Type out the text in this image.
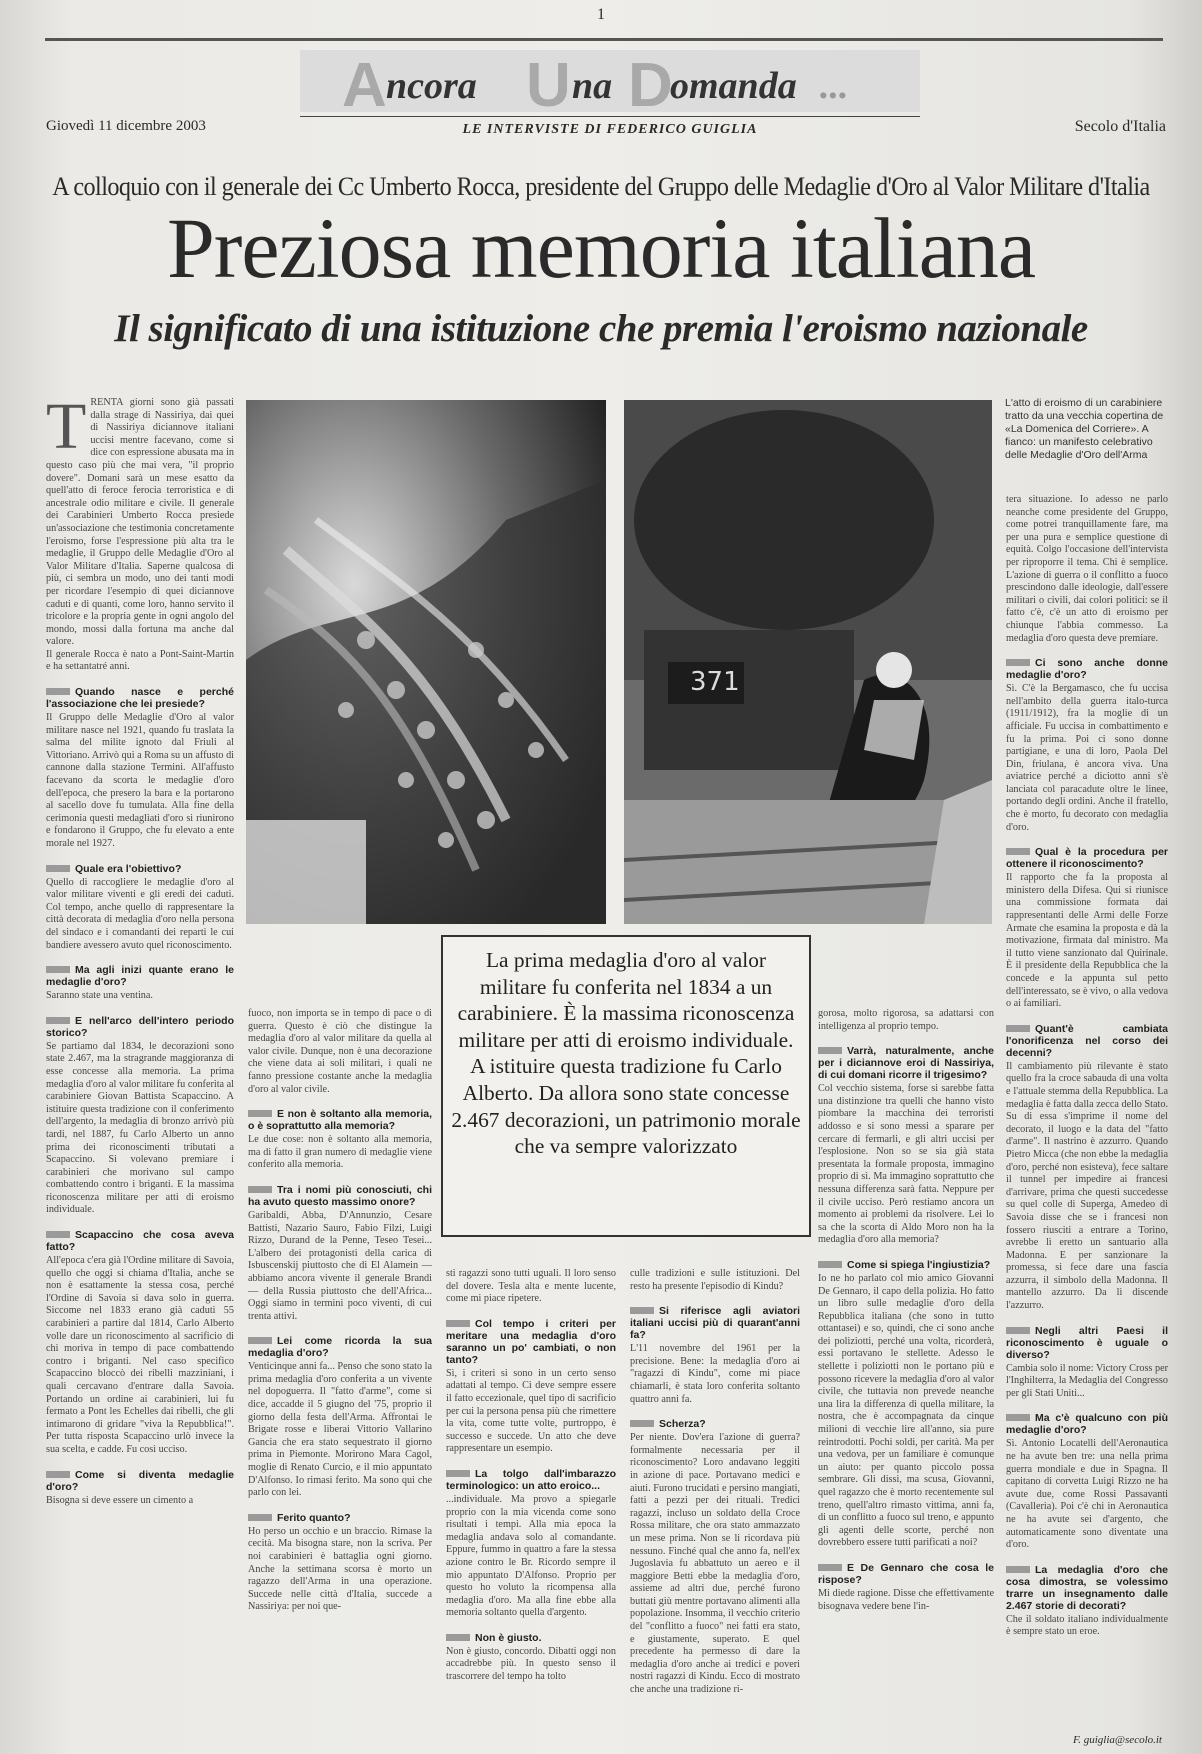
1
A ncora U na D
omanda ...
LE INTERVISTE DI FEDERICO GUIGLIA
Giovedì 11 dicembre 2003	Secolo d'Italia
A colloquio con il generale dei Cc Umberto Rocca, presidente del Gruppo delle Medaglie d'Oro al Valor Militare d'Italia
Preziosa memoria italiana
Il significato di una istituzione che premia l'eroismo nazionale
371
L'atto di eroismo di un carabiniere tratto da una vecchia copertina de «La Domenica del Corriere». A fianco: un manifesto celebrativo delle Medaglie d'Oro dell'Arma

TRENTA giorni sono già passati dalla strage di Nassiriya, dai quei di Nassiriya diciannove italiani uccisi mentre facevano, come si dice con espressione abusata ma in questo caso più che mai vera, "il proprio dovere". Domani sarà un mese esatto da quell'atto di feroce ferocia terroristica e di ancestrale odio militare e civile. Il generale dei Carabinieri Umberto Rocca presiede un'associazione che testimonia concretamente l'eroismo, forse l'espressione più alta tra le medaglie, il Gruppo delle Medaglie d'Oro al Valor Militare d'Italia. Saperne qualcosa di più, ci sembra un modo, uno dei tanti modi per ricordare l'esempio di quei diciannove caduti e di quanti, come loro, hanno servito il tricolore e la propria gente in ogni angolo del mondo, mossi dalla fortuna ma anche dal valore.

Il generale Rocca è nato a Pont-Saint-Martin e ha settantatré anni.

Quando nasce e perché l'associazione che lei presiede?

Il Gruppo delle Medaglie d'Oro al valor militare nasce nel 1921, quando fu traslata la salma del milite ignoto dal Friuli al Vittoriano. Arrivò qui a Roma su un affusto di cannone dalla stazione Termini. All'affusto facevano da scorta le medaglie d'oro dell'epoca, che presero la bara e la portarono al sacello dove fu tumulata. Alla fine della cerimonia questi medagliati d'oro si riunirono e fondarono il Gruppo, che fu elevato a ente morale nel 1927.

Quale era l'obiettivo?

Quello di raccogliere le medaglie d'oro al valor militare viventi e gli eredi dei caduti. Col tempo, anche quello di rappresentare la città decorata di medaglia d'oro nella persona del sindaco e i comandanti dei reparti le cui bandiere avessero avuto quel riconoscimento.

Ma agli inizi quante erano le medaglie d'oro?

Saranno state una ventina.

E nell'arco dell'intero periodo storico?

Se partiamo dal 1834, le decorazioni sono state 2.467, ma la stragrande maggioranza di esse concesse alla memoria. La prima medaglia d'oro al valor militare fu conferita al carabiniere Giovan Battista Scapaccino. A istituire questa tradizione con il conferimento dell'argento, la medaglia di bronzo arrivò più tardi, nel 1887, fu Carlo Alberto un anno prima dei riconoscimenti tributati a Scapaccino. Si volevano premiare i carabinieri che morivano sul campo combattendo contro i briganti. E la massima riconoscenza militare per atti di eroismo individuale.

Scapaccino che cosa aveva fatto?

All'epoca c'era già l'Ordine militare di Savoia, quello che oggi si chiama d'Italia, anche se non è esattamente la stessa cosa, perché l'Ordine di Savoia si dava solo in guerra. Siccome nel 1833 erano già caduti 55 carabinieri a partire dal 1814, Carlo Alberto volle dare un riconoscimento al sacrificio di chi moriva in tempo di pace combattendo contro i briganti. Nel caso specifico Scapaccino bloccò dei ribelli mazziniani, i quali cercavano d'entrare dalla Savoia. Portando un ordine ai carabinieri, lui fu fermato a Pont les Echelles dai ribelli, che gli intimarono di gridare "viva la Repubblica!". Per tutta risposta Scapaccino urlò invece la sua scelta, e cadde. Fu così ucciso.

Come si diventa medaglie d'oro?

Bisogna si deve essere un cimento a

La prima medaglia d'oro al valor militare fu conferita nel 1834 a un carabiniere. È la massima riconoscenza militare per atti di eroismo individuale. A istituire questa tradizione fu Carlo Alberto. Da allora sono state concesse 2.467 decorazioni, un patrimonio morale che va sempre valorizzato

fuoco, non importa se in tempo di pace o di guerra. Questo è ciò che distingue la medaglia d'oro al valor militare da quella al valor civile. Dunque, non è una decorazione che viene data ai soli militari, i quali ne fanno pressione costante anche la medaglia d'oro al valor civile.

E non è soltanto alla memoria, o è soprattutto alla memoria?

Le due cose: non è soltanto alla memoria, ma di fatto il gran numero di medaglie viene conferito alla memoria.

Tra i nomi più conosciuti, chi ha avuto questo massimo onore?

Garibaldi, Abba, D'Annunzio, Cesare Battisti, Nazario Sauro, Fabio Filzi, Luigi Rizzo, Durand de la Penne, Teseo Tesei... L'albero dei protagonisti della carica di Isbuscenskij piuttosto che di El Alamein — abbiamo ancora vivente il generale Brandi — della Russia piuttosto che dell'Africa... Oggi siamo in termini poco viventi, di cui trenta attivi.

Lei come ricorda la sua medaglia d'oro?

Venticinque anni fa... Penso che sono stato la prima medaglia d'oro conferita a un vivente nel dopoguerra. Il "fatto d'arme", come si dice, accadde il 5 giugno del '75, proprio il giorno della festa dell'Arma. Affrontai le Brigate rosse e liberai Vittorio Vallarino Gancia che era stato sequestrato il giorno prima in Piemonte. Morirono Mara Cagol, moglie di Renato Curcio, e il mio appuntato D'Alfonso. Io rimasi ferito. Ma sono qui che parlo con lei.

Ferito quanto?

Ho perso un occhio e un braccio. Rimase la cecità. Ma bisogna stare, non la scriva. Per noi carabinieri è battaglia ogni giorno. Anche la settimana scorsa è morto un ragazzo dell'Arma in una operazione. Succede nelle città d'Italia, succede a Nassiriya: per noi que-

sti ragazzi sono tutti uguali. Il loro senso del dovere. Tesla alta e mente lucente, come mi piace ripetere.

Col tempo i criteri per meritare una medaglia d'oro saranno un po' cambiati, o non tanto?

Sì, i criteri si sono in un certo senso adattati al tempo. Ci deve sempre essere il fatto eccezionale, quel tipo di sacrificio per cui la persona pensa più che rimettere la vita, come tutte volte, purtroppo, è successo e succede. Un atto che deve rappresentare un esempio.

La tolgo dall'imbarazzo terminologico: un atto eroico...

...individuale. Ma provo a spiegarle proprio con la mia vicenda come sono risultati i tempi. Alla mia epoca la medaglia andava solo al comandante. Eppure, fummo in quattro a fare la stessa azione contro le Br. Ricordo sempre il mio appuntato D'Alfonso. Proprio per questo ho voluto la ricompensa alla medaglia d'oro. Ma alla fine ebbe alla memoria soltanto quella d'argento.

Non è giusto.

Non è giusto, concordo. Dibatti oggi non accadrebbe più. In questo senso il trascorrere del tempo ha tolto

culle tradizioni e sulle istituzioni. Del resto ha presente l'episodio di Kindu?

Si riferisce agli aviatori italiani uccisi più di quarant'anni fa?

L'11 novembre del 1961 per la precisione. Bene: la medaglia d'oro ai "ragazzi di Kindu", come mi piace chiamarli, è stata loro conferita soltanto quattro anni fa.

Scherza?

Per niente. Dov'era l'azione di guerra? formalmente necessaria per il riconoscimento? Loro andavano leggiti in azione di pace. Portavano medici e aiuti. Furono trucidati e persino mangiati, fatti a pezzi per dei rituali. Tredici ragazzi, incluso un soldato della Croce Rossa militare, che ora stato ammazzato un mese prima. Non se li ricordava più nessuno. Finché qual che anno fa, nell'ex Jugoslavia fu abbattuto un aereo e il maggiore Betti ebbe la medaglia d'oro, assieme ad altri due, perché furono buttati giù mentre portavano alimenti alla popolazione. Insomma, il vecchio criterio del "conflitto a fuoco" nei fatti era stato, e giustamente, superato. E quel precedente ha permesso di dare la medaglia d'oro anche ai tredici e poveri nostri ragazzi di Kindu. Ecco di mostrato che anche una tradizione ri-

gorosa, molto rigorosa, sa adattarsi con intelligenza al proprio tempo.

Varrà, naturalmente, anche per i diciannove eroi di Nassiriya, di cui domani ricorre il trigesimo?

Col vecchio sistema, forse si sarebbe fatta una distinzione tra quelli che hanno visto piombare la macchina dei terroristi addosso e si sono messi a sparare per cercare di fermarli, e gli altri uccisi per l'esplosione. Non so se sia già stata presentata la formale proposta, immagino proprio di sì. Ma immagino soprattutto che nessuna differenza sarà fatta. Neppure per il civile ucciso. Però restiamo ancora un momento ai problemi da risolvere. Lei lo sa che la scorta di Aldo Moro non ha la medaglia d'oro alla memoria?

Come si spiega l'ingiustizia?

Io ne ho parlato col mio amico Giovanni De Gennaro, il capo della polizia. Ho fatto un libro sulle medaglie d'oro della Repubblica italiana (che sono in tutto ottantasei) e so, quindi, che ci sono anche dei poliziotti, perché una volta, ricorderà, essi portavano le stellette. Adesso le stellette i poliziotti non le portano più e possono ricevere la medaglia d'oro al valor civile, che tuttavia non prevede neanche una lira la differenza di quella militare, la nostra, che è accompagnata da cinque milioni di vecchie lire all'anno, sia pure reintrodotti. Pochi soldi, per carità. Ma per una vedova, per un familiare è comunque un aiuto: per quanto piccolo possa sembrare. Gli dissi, ma scusa, Giovanni, quel ragazzo che è morto recentemente sul treno, quell'altro rimasto vittima, anni fa, di un conflitto a fuoco sul treno, e appunto gli agenti delle scorte, perché non dovrebbero essere tutti parificati a noi?

E De Gennaro che cosa le rispose?

Mi diede ragione. Disse che effettivamente bisognava vedere bene l'in-

tera situazione. Io adesso ne parlo neanche come presidente del Gruppo, come potrei tranquillamente fare, ma per una pura e semplice questione di equità. Colgo l'occasione dell'intervista per riproporre il tema. Chi è semplice. L'azione di guerra o il conflitto a fuoco prescindono dalle ideologie, dall'essere militari o civili, dai colori politici: se il fatto c'è, c'è un atto di eroismo per chiunque l'abbia commesso. La medaglia d'oro questa deve premiare.

Ci sono anche donne medaglie d'oro?

Sì. C'è la Bergamasco, che fu uccisa nell'ambito della guerra italo-turca (1911/1912), fra la moglie di un afficiale. Fu uccisa in combattimento e fu la prima. Poi ci sono donne partigiane, e una di loro, Paola Del Din, friulana, è ancora viva. Una aviatrice perché a diciotto anni s'è lanciata col paracadute oltre le linee, portando degli ordini. Anche il fratello, che è morto, fu decorato con medaglia d'oro.

Qual è la procedura per ottenere il riconoscimento?

Il rapporto che fa la proposta al ministero della Difesa. Qui si riunisce una commissione formata dai rappresentanti delle Armi delle Forze Armate che esamina la proposta e dà la motivazione, firmata dal ministro. Ma il tutto viene sanzionato dal Quirinale. È il presidente della Repubblica che la concede e la appunta sul petto dell'interessato, se è vivo, o alla vedova o ai familiari.

Quant'è cambiata l'onorificenza nel corso dei decenni?

Il cambiamento più rilevante è stato quello fra la croce sabauda di una volta e l'attuale stemma della Repubblica. La medaglia è fatta dalla zecca dello Stato. Su di essa s'imprime il nome del decorato, il luogo e la data del "fatto d'arme". Il nastrino è azzurro. Quando Pietro Micca (che non ebbe la medaglia d'oro, perché non esisteva), fece saltare il tunnel per impedire ai francesi d'arrivare, prima che questi succedesse su quel colle di Superga, Amedeo di Savoia disse che se i francesi non fossero riusciti a entrare a Torino, avrebbe lì eretto un santuario alla Madonna. E per sanzionare la promessa, si fece dare una fascia azzurra, il simbolo della Madonna. Il mantello azzurro. Da lì discende l'azzurro.

Negli altri Paesi il riconoscimento è uguale o diverso?

Cambia solo il nome: Victory Cross per l'Inghilterra, la Medaglia del Congresso per gli Stati Uniti...

Ma c'è qualcuno con più medaglie d'oro?

Sì. Antonio Locatelli dell'Aeronautica ne ha avute ben tre: una nella prima guerra mondiale e due in Spagna. Il capitano di corvetta Luigi Rizzo ne ha avute due, come Rossi Passavanti (Cavalleria). Poi c'è chi in Aeronautica ne ha avute sei d'argento, che automaticamente sono diventate una d'oro.

La medaglia d'oro che cosa dimostra, se volessimo trarre un insegnamento dalle 2.467 storie di decorati?

Che il soldato italiano individualmente è sempre stato un eroe.

F. guiglia@secolo.it
